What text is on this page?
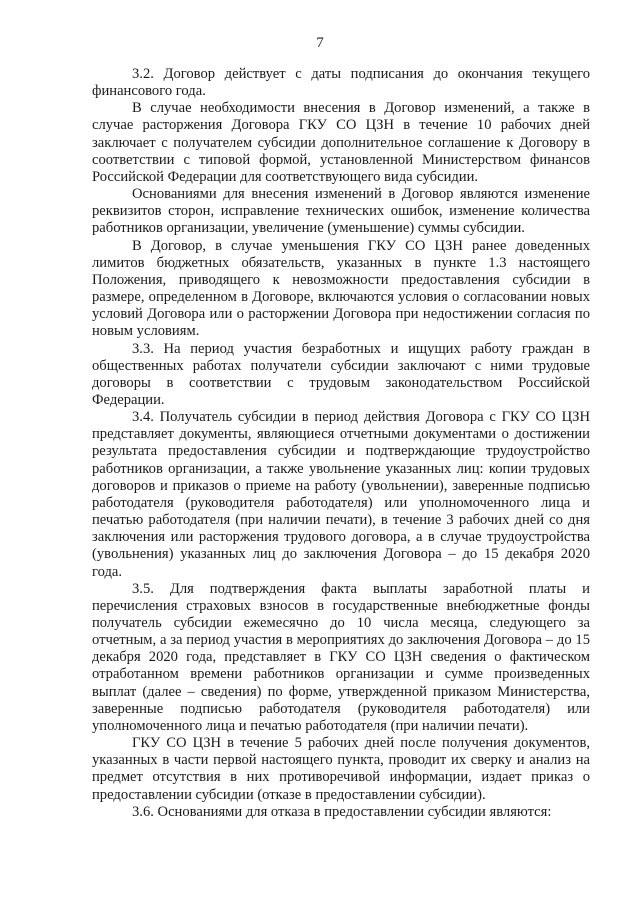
7

3.2. Договор действует с даты подписания до окончания текущего финансового года.

В случае необходимости внесения в Договор изменений, а также в случае расторжения Договора ГКУ СО ЦЗН в течение 10 рабочих дней заключает с получателем субсидии дополнительное соглашение к Договору в соответствии с типовой формой, установленной Министерством финансов Российской Федерации для соответствующего вида субсидии.

Основаниями для внесения изменений в Договор являются изменение реквизитов сторон, исправление технических ошибок, изменение количества работников организации, увеличение (уменьшение) суммы субсидии.

В Договор, в случае уменьшения ГКУ СО ЦЗН ранее доведенных лимитов бюджетных обязательств, указанных в пункте 1.3 настоящего Положения, приводящего к невозможности предоставления субсидии в размере, определенном в Договоре, включаются условия о согласовании новых условий Договора или о расторжении Договора при недостижении согласия по новым условиям.

3.3. На период участия безработных и ищущих работу граждан в общественных работах получатели субсидии заключают с ними трудовые договоры в соответствии с трудовым законодательством Российской Федерации.

3.4. Получатель субсидии в период действия Договора с ГКУ СО ЦЗН представляет документы, являющиеся отчетными документами о достижении результата предоставления субсидии и подтверждающие трудоустройство работников организации, а также увольнение указанных лиц: копии трудовых договоров и приказов о приеме на работу (увольнении), заверенные подписью работодателя (руководителя работодателя) или уполномоченного лица и печатью работодателя (при наличии печати), в течение 3 рабочих дней со дня заключения или расторжения трудового договора, а в случае трудоустройства (увольнения) указанных лиц до заключения Договора – до 15 декабря 2020 года.

3.5. Для подтверждения факта выплаты заработной платы и перечисления страховых взносов в государственные внебюджетные фонды получатель субсидии ежемесячно до 10 числа месяца, следующего за отчетным, а за период участия в мероприятиях до заключения Договора – до 15 декабря 2020 года, представляет в ГКУ СО ЦЗН сведения о фактическом отработанном времени работников организации и сумме произведенных выплат (далее – сведения) по форме, утвержденной приказом Министерства, заверенные подписью работодателя (руководителя работодателя) или уполномоченного лица и печатью работодателя (при наличии печати).

ГКУ СО ЦЗН в течение 5 рабочих дней после получения документов, указанных в части первой настоящего пункта, проводит их сверку и анализ на предмет отсутствия в них противоречивой информации, издает приказ о предоставлении субсидии (отказе в предоставлении субсидии).

3.6. Основаниями для отказа в предоставлении субсидии являются:
